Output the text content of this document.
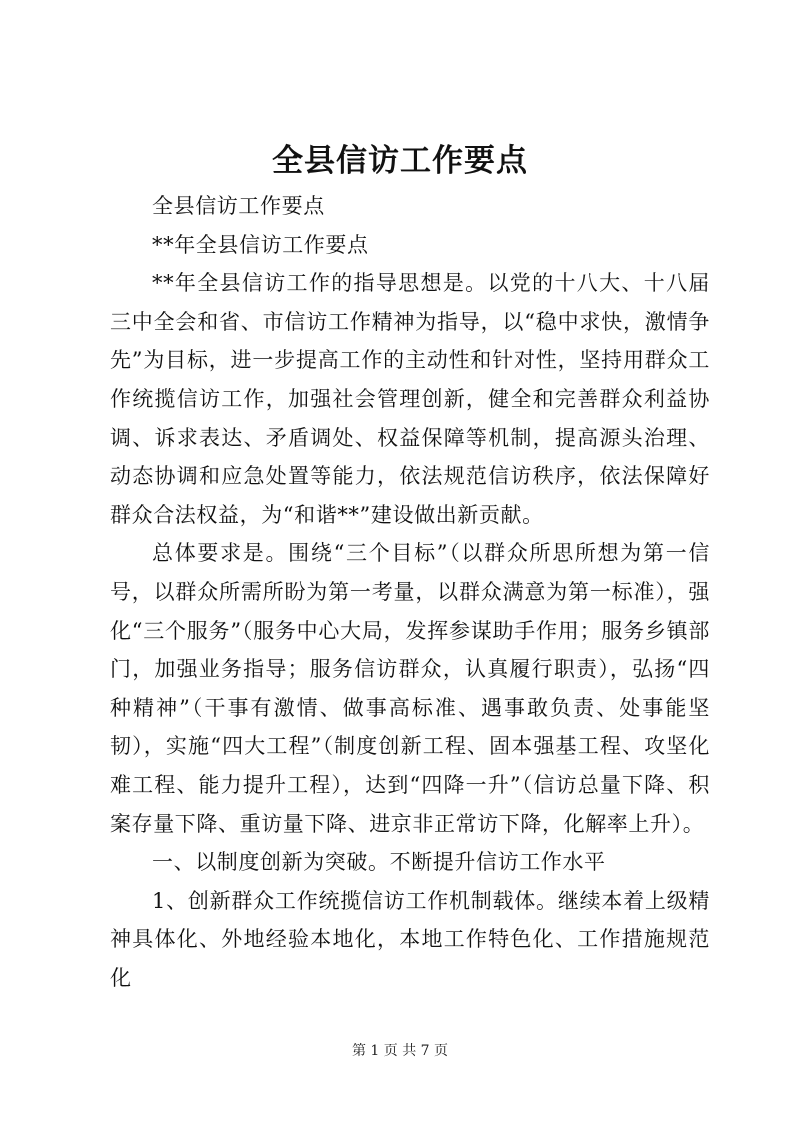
全县信访工作要点

全县信访工作要点

**年全县信访工作要点

**年全县信访工作的指导思想是。以党的十八大、十八届三中全会和省、市信访工作精神为指导，以“稳中求快，激情争先”为目标，进一步提高工作的主动性和针对性，坚持用群众工作统揽信访工作，加强社会管理创新，健全和完善群众利益协调、诉求表达、矛盾调处、权益保障等机制，提高源头治理、动态协调和应急处置等能力，依法规范信访秩序，依法保障好群众合法权益，为“和谐**”建设做出新贡献。

总体要求是。围绕“三个目标”（以群众所思所想为第一信号，以群众所需所盼为第一考量，以群众满意为第一标准），强化“三个服务”（服务中心大局，发挥参谋助手作用；服务乡镇部门，加强业务指导；服务信访群众，认真履行职责），弘扬“四种精神”（干事有激情、做事高标准、遇事敢负责、处事能坚韧），实施“四大工程”（制度创新工程、固本强基工程、攻坚化难工程、能力提升工程），达到“四降一升”（信访总量下降、积案存量下降、重访量下降、进京非正常访下降，化解率上升）。

一、以制度创新为突破。不断提升信访工作水平

1、创新群众工作统揽信访工作机制载体。继续本着上级精神具体化、外地经验本地化，本地工作特色化、工作措施规范化

第 1 页 共 7 页
